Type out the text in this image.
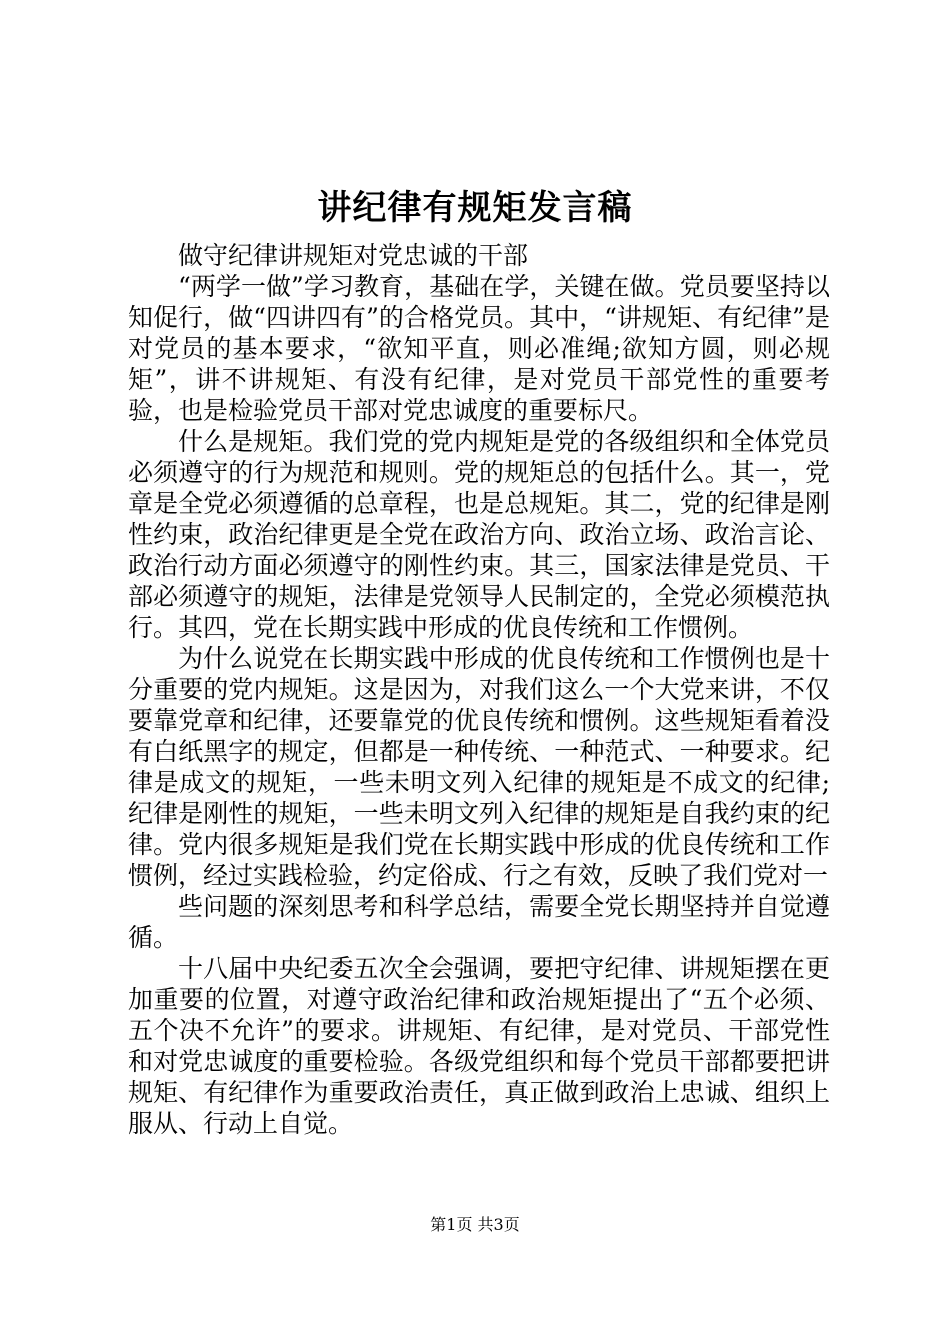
讲纪律有规矩发言稿

做守纪律讲规矩对党忠诚的干部

“两学一做”学习教育，基础在学，关键在做。党员要坚持以知促行，做“四讲四有”的合格党员。其中，“讲规矩、有纪律”是对党员的基本要求，“欲知平直，则必准绳;欲知方圆，则必规矩”，讲不讲规矩、有没有纪律，是对党员干部党性的重要考验，也是检验党员干部对党忠诚度的重要标尺。

什么是规矩。我们党的党内规矩是党的各级组织和全体党员必须遵守的行为规范和规则。党的规矩总的包括什么。其一，党章是全党必须遵循的总章程，也是总规矩。其二，党的纪律是刚性约束，政治纪律更是全党在政治方向、政治立场、政治言论、政治行动方面必须遵守的刚性约束。其三，国家法律是党员、干部必须遵守的规矩，法律是党领导人民制定的，全党必须模范执行。其四，党在长期实践中形成的优良传统和工作惯例。

为什么说党在长期实践中形成的优良传统和工作惯例也是十分重要的党内规矩。这是因为，对我们这么一个大党来讲，不仅要靠党章和纪律，还要靠党的优良传统和惯例。这些规矩看着没有白纸黑字的规定，但都是一种传统、一种范式、一种要求。纪律是成文的规矩，一些未明文列入纪律的规矩是不成文的纪律;纪律是刚性的规矩，一些未明文列入纪律的规矩是自我约束的纪律。党内很多规矩是我们党在长期实践中形成的优良传统和工作惯例，经过实践检验，约定俗成、行之有效，反映了我们党对一

些问题的深刻思考和科学总结，需要全党长期坚持并自觉遵循。

十八届中央纪委五次全会强调，要把守纪律、讲规矩摆在更加重要的位置，对遵守政治纪律和政治规矩提出了“五个必须、五个决不允许”的要求。讲规矩、有纪律，是对党员、干部党性和对党忠诚度的重要检验。各级党组织和每个党员干部都要把讲规矩、有纪律作为重要政治责任，真正做到政治上忠诚、组织上服从、行动上自觉。

第1页 共3页
